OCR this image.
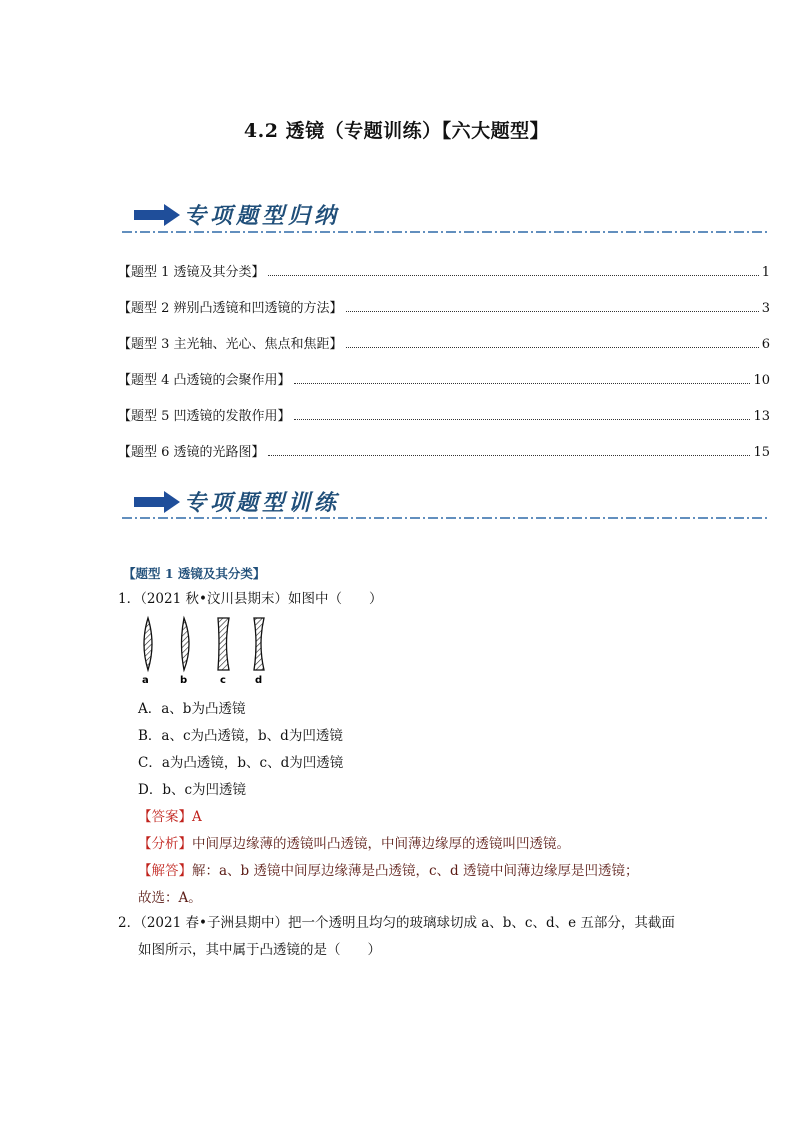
4.2 透镜（专题训练）【六大题型】
专项题型归纳
【题型 1 透镜及其分类】	1
【题型 2 辨别凸透镜和凹透镜的方法】	3
【题型 3 主光轴、光心、焦点和焦距】	6
【题型 4 凸透镜的会聚作用】	10
【题型 5 凹透镜的发散作用】	13
【题型 6 透镜的光路图】	15
专项题型训练
【题型 1 透镜及其分类】
1．（2021 秋•汶川县期末）如图中（　　）
a	b	c	d
A．a、b为凸透镜
B．a、c为凸透镜，b、d为凹透镜
C．a为凸透镜，b、c、d为凹透镜
D．b、c为凹透镜
【答案】A
【分析】中间厚边缘薄的透镜叫凸透镜，中间薄边缘厚的透镜叫凹透镜。
【解答】解：a、b 透镜中间厚边缘薄是凸透镜，c、d 透镜中间薄边缘厚是凹透镜；
故选：A。
2．（2021 春•子洲县期中）把一个透明且均匀的玻璃球切成 a、b、c、d、e 五部分，其截面
如图所示，其中属于凸透镜的是（　　）
